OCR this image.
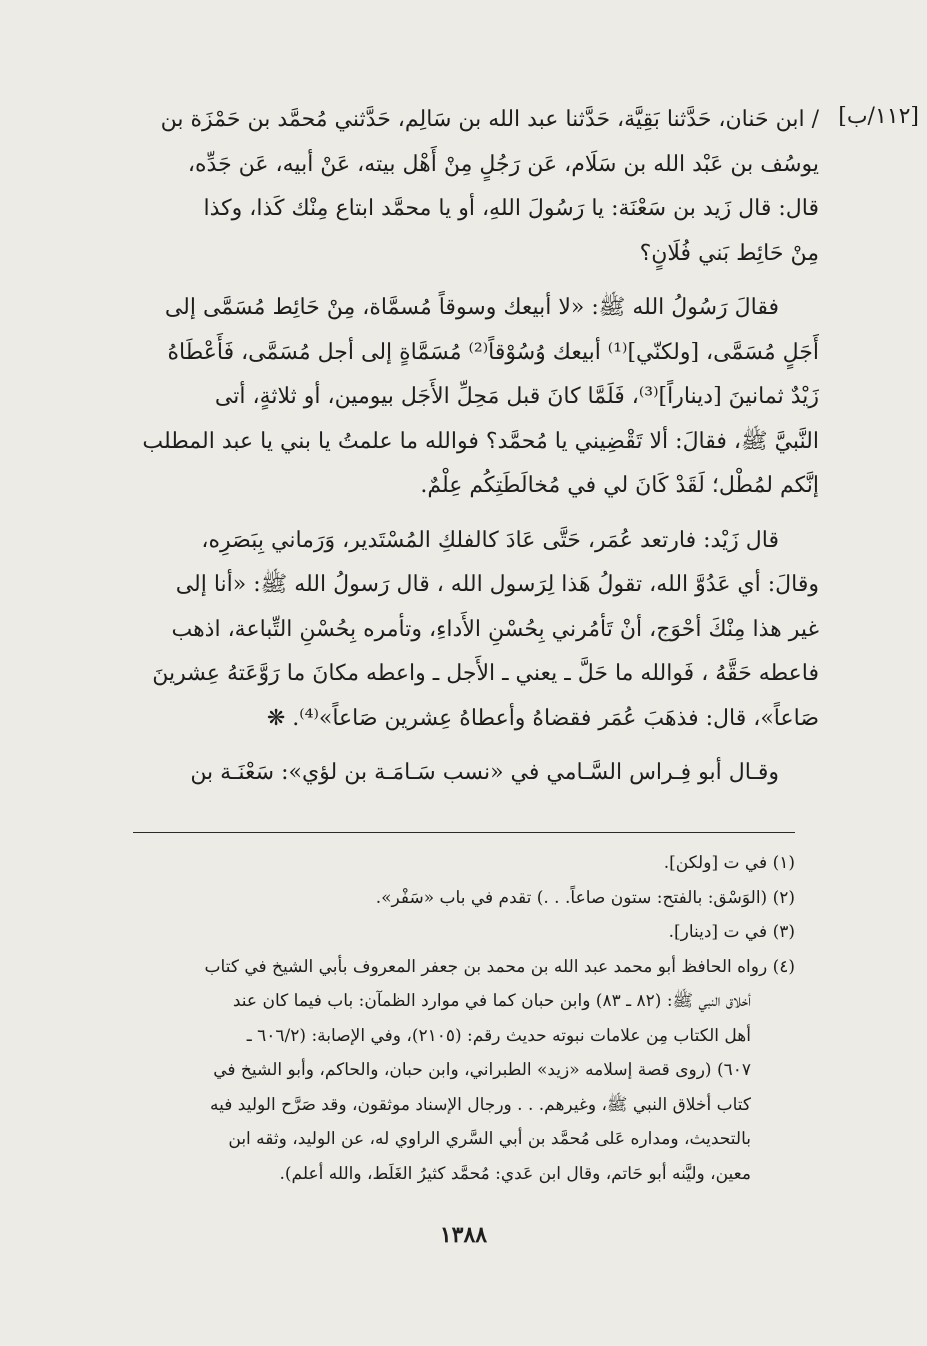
[١١٢/ب]
/ ابن حَنان، حَدَّثنا بَقِيَّة، حَدَّثنا عبد الله بن سَالِم، حَدَّثني مُحمَّد بن حَمْزَة بن
يوسُف بن عَبْد الله بن سَلَام، عَن رَجُلٍ مِنْ أَهْل بيته، عَنْ أبيه، عَن جَدِّه،
قال: قال زَيد بن سَعْنَة: يا رَسُولَ اللهِ، أو يا محمَّد ابتاع مِنْك كَذا، وكذا
مِنْ حَائِط بَني فُلَانٍ؟
فقالَ رَسُولُ الله ﷺ: «لا أبيعك وسوقاً مُسمَّاة، مِنْ حَائِط مُسَمَّى إلى
أَجَلٍ مُسَمَّى، [ولكنّي]⁽¹⁾ أبيعك وُسُوْقاً⁽²⁾ مُسَمَّاةٍ إلى أجل مُسَمَّى، فَأَعْطَاهُ
زَيْدٌ ثمانينَ [ديناراً]⁽³⁾، فَلَمَّا كانَ قبل مَحِلِّ الأَجَل بيومين، أو ثلاثةٍ، أتى
النَّبيَّ ﷺ، فقالَ: ألا تَقْضِيني يا مُحمَّد؟ فوالله ما علمتُ يا بني يا عبد المطلب
إنَّكم لمُطْل؛ لَقَدْ كَانَ لي في مُخالَطَتِكُم عِلْمٌ.
قال زَيْد: فارتعد عُمَر، حَتَّى عَادَ كالفلكِ المُسْتَدير، وَرَماني بِبَصَرِه،
وقالَ: أي عَدُوَّ الله، تقولُ هَذا لِرَسول الله ، قال رَسولُ الله ﷺ: «أنا إلى
غير هذا مِنْكَ أحْوَج، أنْ تَأمُرني بِحُسْنِ الأَداءِ، وتأمره بِحُسْنِ التِّباعة، اذهب
فاعطه حَقَّهُ ، فَوالله ما حَلَّ ـ يعني ـ الأَجل ـ واعطه مكانَ ما رَوَّعَتهُ عِشرينَ
صَاعاً»، قال: فذهَبَ عُمَر فقضاهُ وأعطاهُ عِشرين صَاعاً»⁽⁴⁾. ❋
وقـال أبو فِـراس السَّـامي في «نسب سَـامَـة بن لؤي»: سَعْنَـة بن
(١) في ت [ولكن].
(٢) (الوَسْق: بالفتح: ستون صاعاً. . .) تقدم في باب «سَفْر».
(٣) في ت [دينار].
(٤) رواه الحافظ أبو محمد عبد الله بن محمد بن جعفر المعروف بأبي الشيخ في كتاب
أخلاق النبي ﷺ: (٨٢ ـ ٨٣) وابن حبان كما في موارد الظمآن: باب فيما كان عند
أهل الكتاب مِن علامات نبوته حديث رقم: (٢١٠٥)، وفي الإصابة: (٦٠٦/٢ ـ
٦٠٧) (روى قصة إسلامه «زيد» الطبراني، وابن حبان، والحاكم، وأبو الشيخ في
كتاب أخلاق النبي ﷺ، وغيرهم. . . ورجال الإسناد موثقون، وقد صَرَّح الوليد فيه
بالتحديث، ومداره عَلى مُحمَّد بن أبي السَّري الراوي له، عن الوليد، وثقه ابن
معين، وليَّنه أبو حَاتم، وقال ابن عَدي: مُحمَّد كثيرُ الغَلَط، والله أعلم).
١٣٨٨
